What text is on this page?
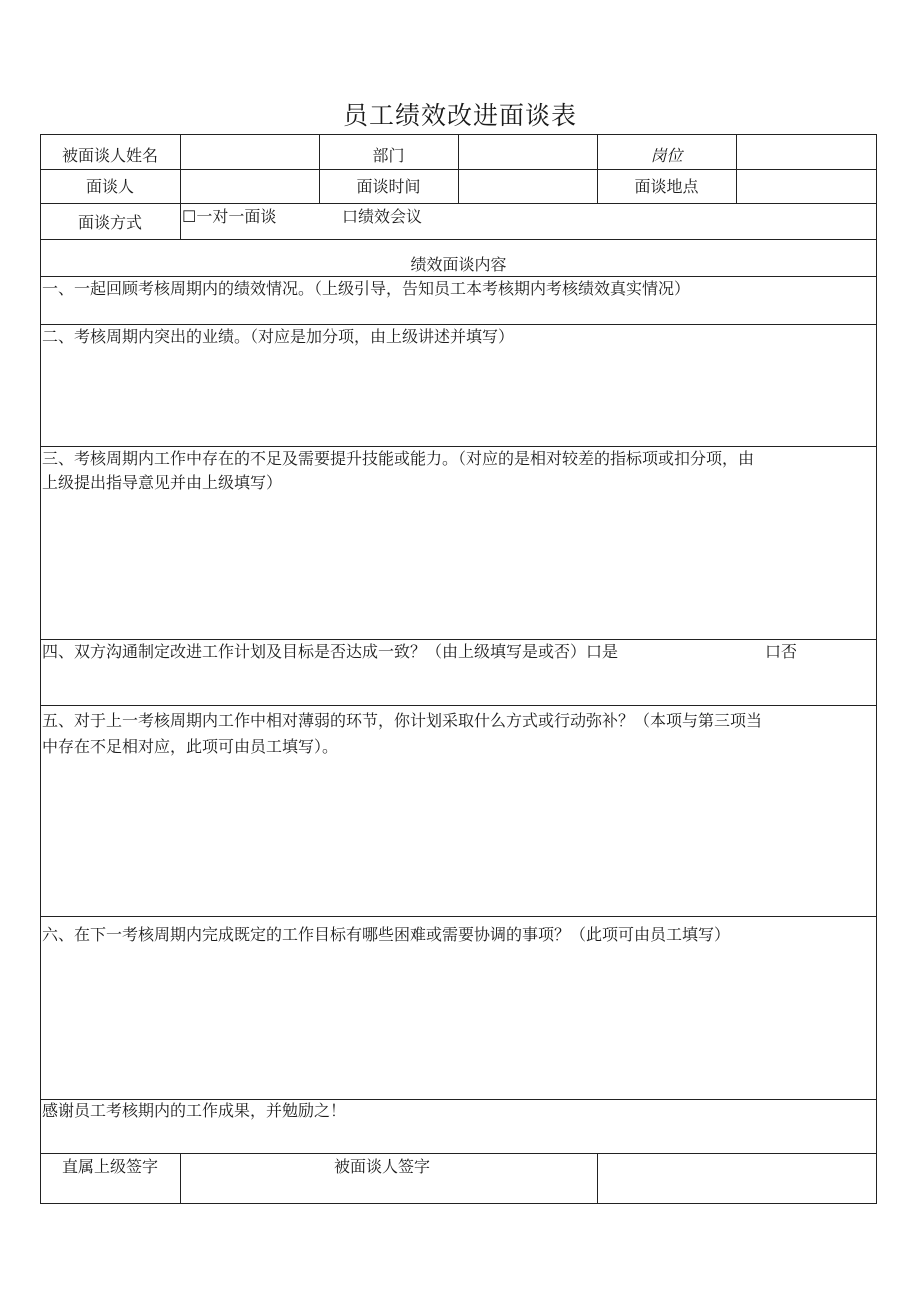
员工绩效改进面谈表
被面谈人姓名	部门	岗位
面谈人	面谈时间	面谈地点
面谈方式	☐一对一面谈	口绩效会议
绩效面谈内容
一、一起回顾考核周期内的绩效情况。（上级引导，告知员工本考核期内考核绩效真实情况）
二、考核周期内突出的业绩。（对应是加分项，由上级讲述并填写）
三、考核周期内工作中存在的不足及需要提升技能或能力。（对应的是相对较差的指标项或扣分项，由
上级提出指导意见并由上级填写）
四、双方沟通制定改进工作计划及目标是否达成一致？（由上级填写是或否）口是	口否
五、对于上一考核周期内工作中相对薄弱的环节，你计划采取什么方式或行动弥补？（本项与第三项当
中存在不足相对应，此项可由员工填写）。
六、在下一考核周期内完成既定的工作目标有哪些困难或需要协调的事项？（此项可由员工填写）
感谢员工考核期内的工作成果，并勉励之！
直属上级签字	被面谈人签字
